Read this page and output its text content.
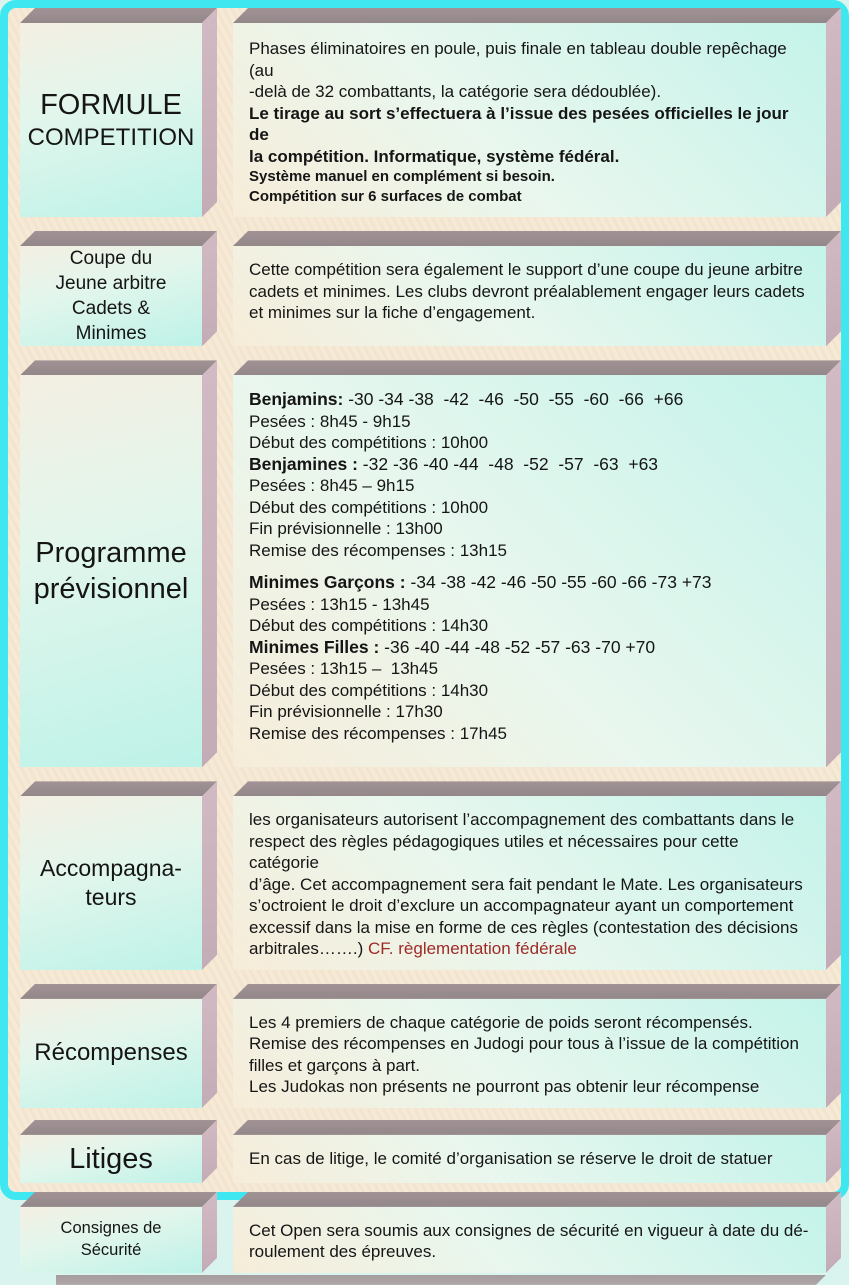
FORMULE
COMPETITION
Phases éliminatoires en poule, puis finale en tableau double repêchage (au
-delà de 32 combattants, la catégorie sera dédoublée).
Le tirage au sort s’effectuera à l’issue des pesées officielles le jour de
la compétition. Informatique, système fédéral.
Système manuel en complément si besoin.
Compétition sur 6 surfaces de combat
Coupe du
Jeune arbitre
Cadets &
Minimes
Cette compétition sera également le support d’une coupe du jeune arbitre
cadets et minimes. Les clubs devront préalablement engager leurs cadets
et minimes sur la fiche d’engagement.
Programme
prévisionnel
Benjamins: -30 -34 -38  -42  -46  -50  -55  -60  -66  +66
Pesées : 8h45 - 9h15
Début des compétitions : 10h00
Benjamines : -32 -36 -40 -44  -48  -52  -57  -63  +63
Pesées : 8h45 – 9h15
Début des compétitions : 10h00
Fin prévisionnelle : 13h00
Remise des récompenses : 13h15
Minimes Garçons : -34 -38 -42 -46 -50 -55 -60 -66 -73 +73
Pesées : 13h15 - 13h45
Début des compétitions : 14h30
Minimes Filles : -36 -40 -44 -48 -52 -57 -63 -70 +70
Pesées : 13h15 –  13h45
Début des compétitions : 14h30
Fin prévisionnelle : 17h30
Remise des récompenses : 17h45
Accompagna-
teurs
les organisateurs autorisent l’accompagnement des combattants dans le
respect des règles pédagogiques utiles et nécessaires pour cette catégorie
d’âge. Cet accompagnement sera fait pendant le Mate. Les organisateurs
s’octroient le droit d’exclure un accompagnateur ayant un comportement
excessif dans la mise en forme de ces règles (contestation des décisions
arbitrales…….) CF. règlementation fédérale
Récompenses
Les 4 premiers de chaque catégorie de poids seront récompensés.
Remise des récompenses en Judogi pour tous à l’issue de la compétition
filles et garçons à part.
Les Judokas non présents ne pourront pas obtenir leur récompense
Litiges	En cas de litige, le comité d’organisation se réserve le droit de statuer
Consignes de
Sécurité
Cet Open sera soumis aux consignes de sécurité en vigueur à date du dé-
roulement des épreuves.
